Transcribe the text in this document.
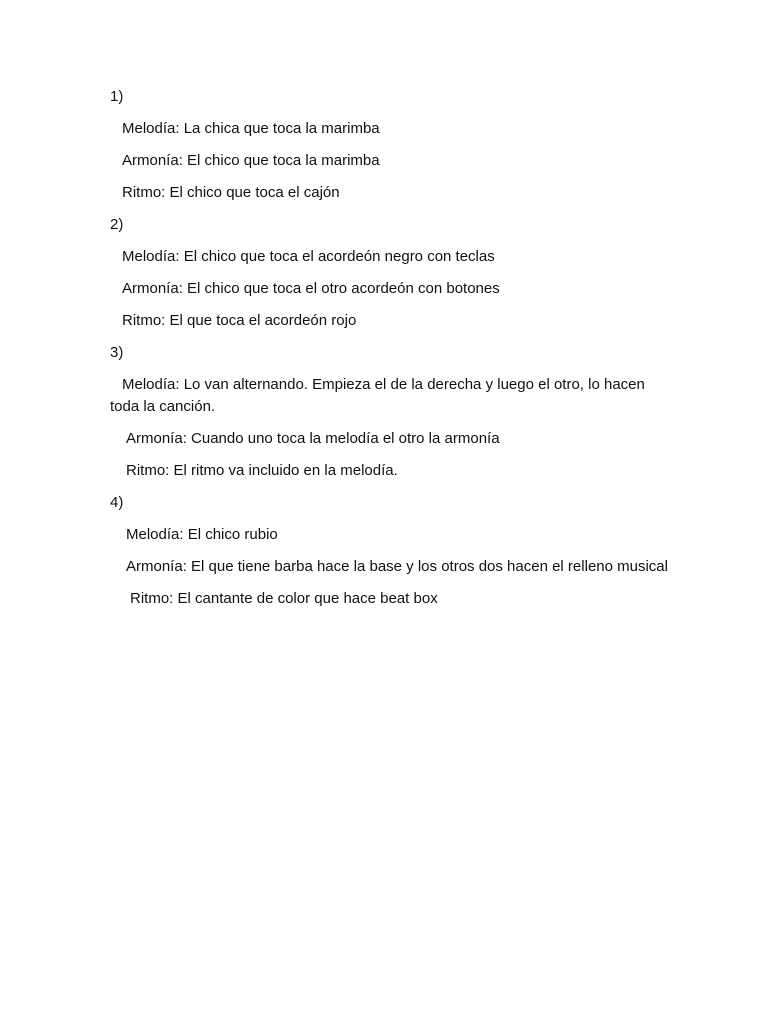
1)

Melodía: La chica que toca la marimba

Armonía: El chico que toca la marimba

Ritmo: El chico que toca el cajón

2)

Melodía: El chico que toca el acordeón negro con teclas

Armonía: El chico que toca el otro acordeón con botones

Ritmo: El que toca el acordeón rojo

3)

Melodía: Lo van alternando. Empieza el de la derecha y luego el otro, lo hacen toda la canción.

Armonía: Cuando uno toca la melodía el otro la armonía

Ritmo: El ritmo va incluido en la melodía.

4)

Melodía: El chico rubio

Armonía: El que tiene barba hace la base y los otros dos hacen el relleno musical

Ritmo: El cantante de color que hace beat box
